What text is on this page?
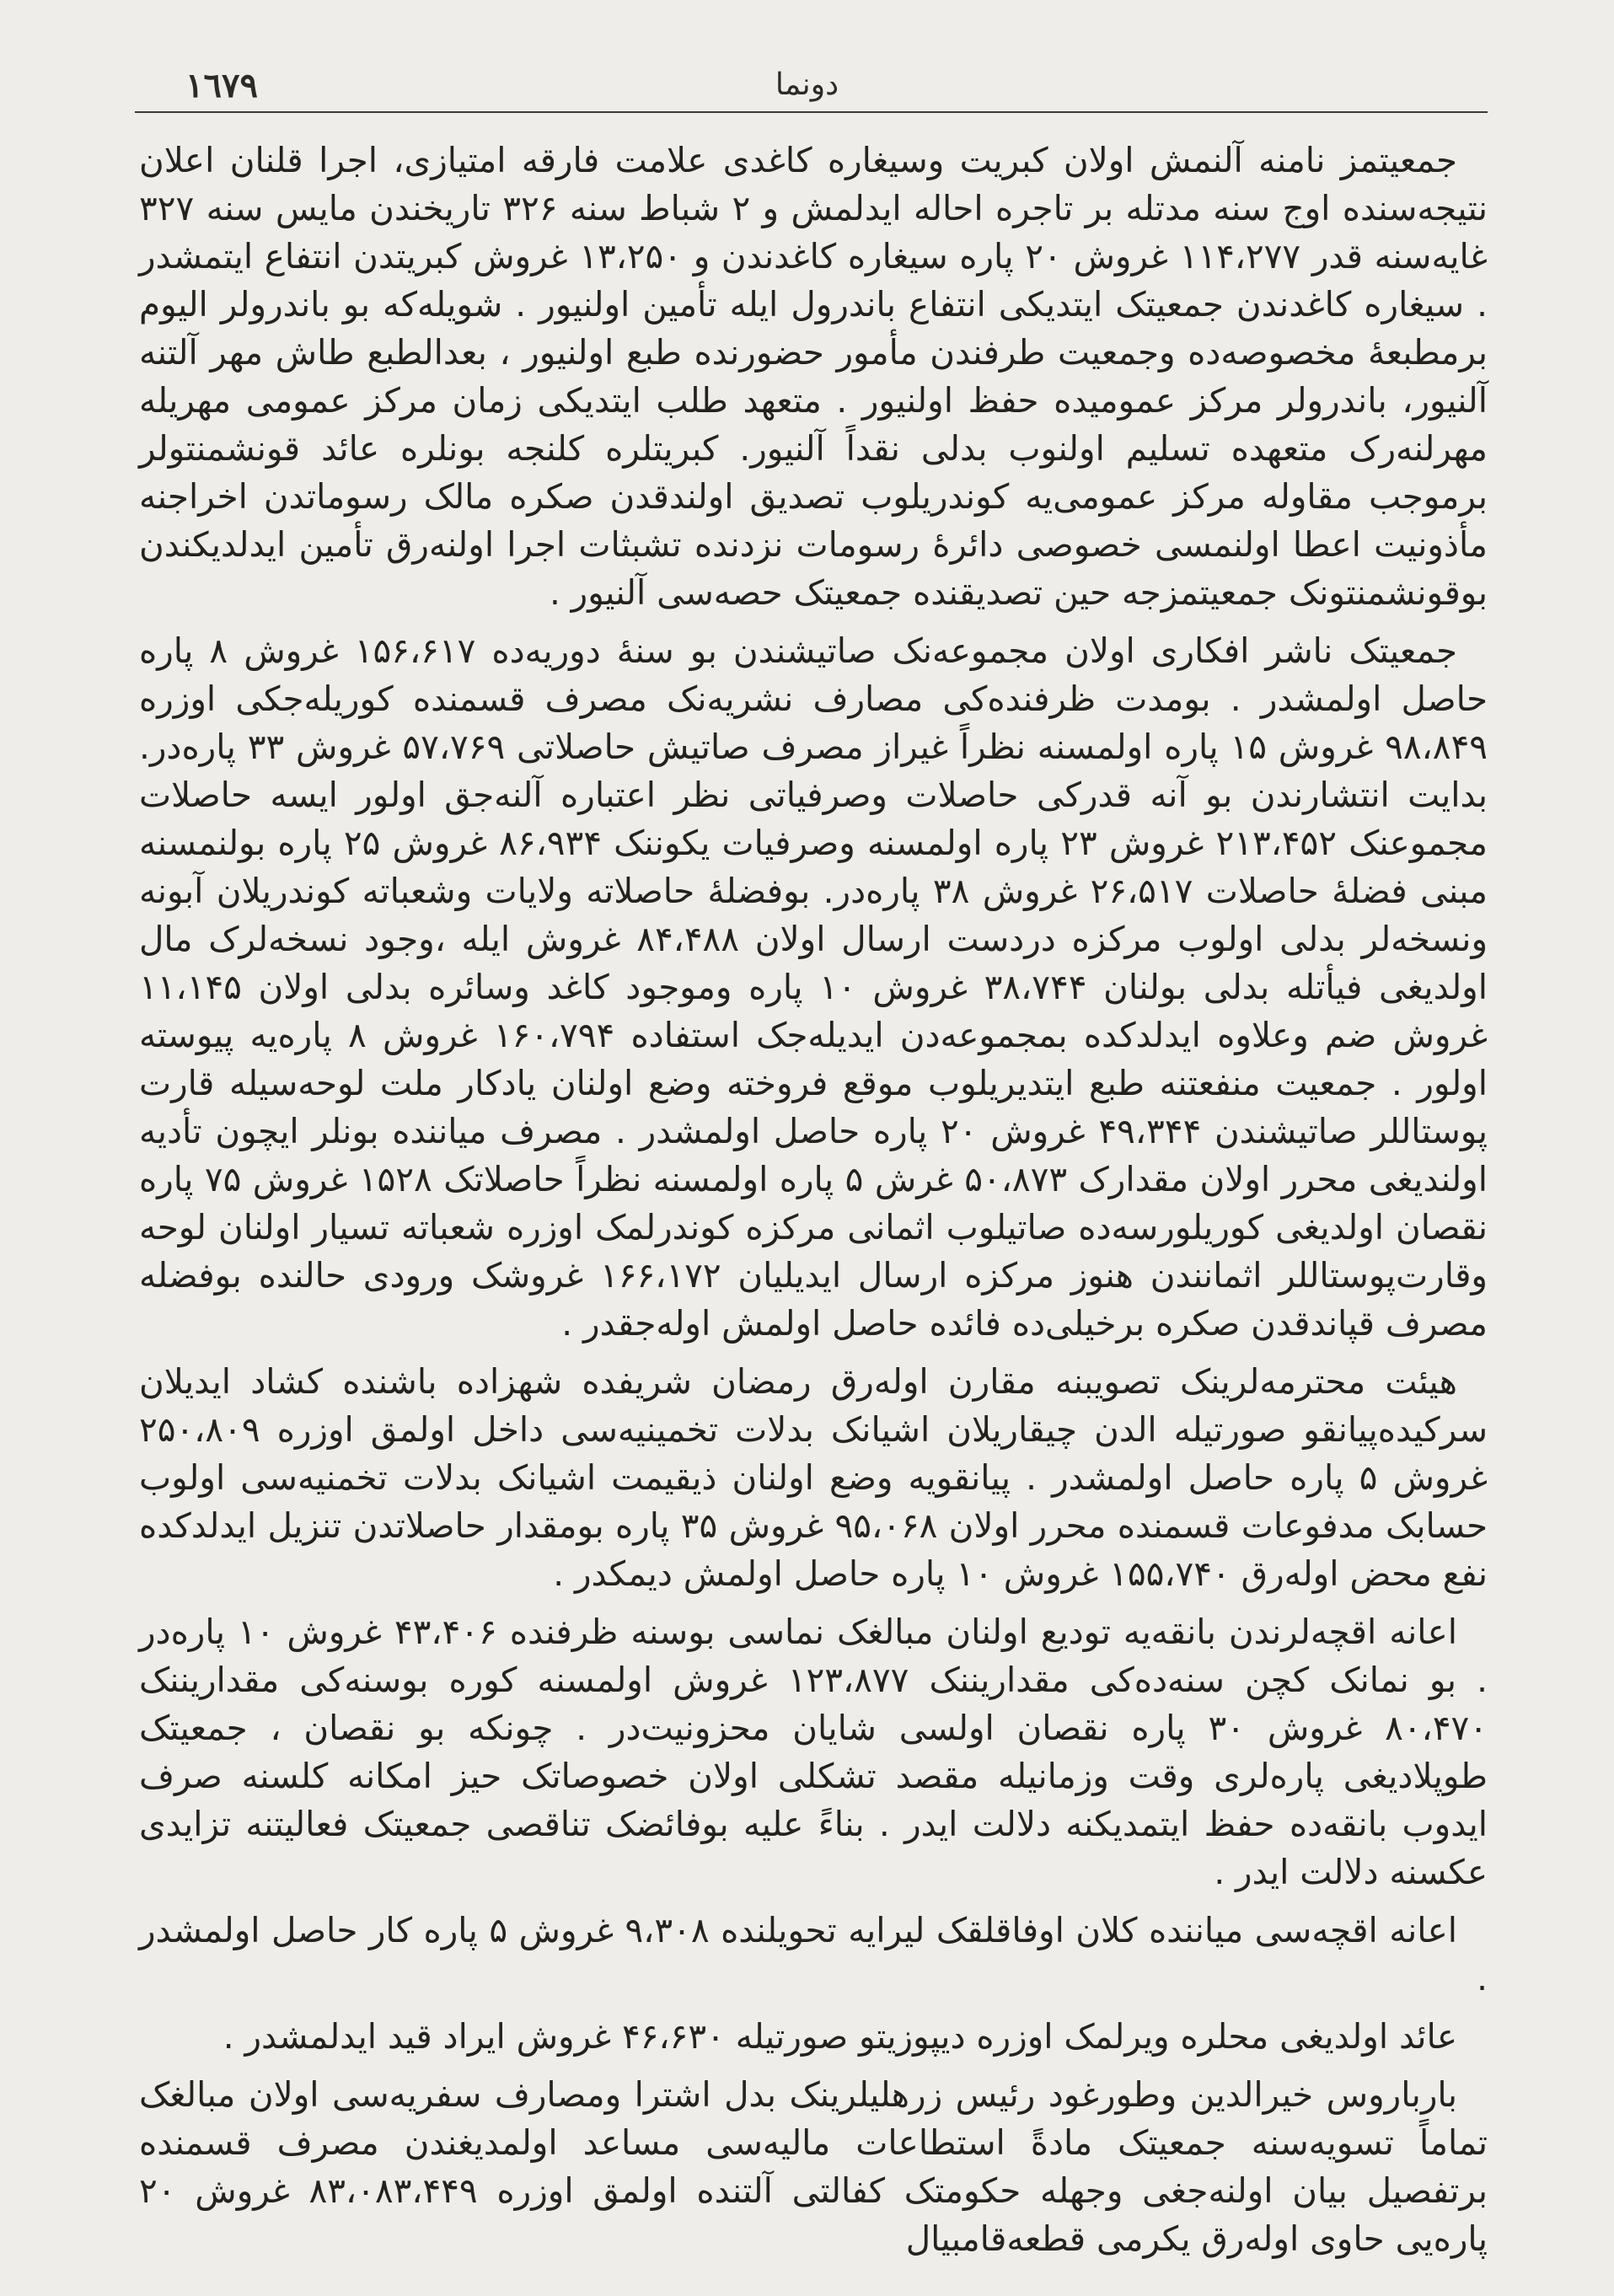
١٦٧٩	دونما

جمعیتمز نامنه آلنمش اولان کبریت وسیغاره کاغدی علامت فارقه امتیازی، اجرا قلنان اعلان نتیجه‌سنده اوج سنه مدتله بر تاجره احاله ایدلمش و ۲ شباط سنه ۳۲۶ تاریخندن مایس سنه ۳۲۷ غایه‌سنه قدر ۱۱۴،۲۷۷ غروش ۲۰ پاره سیغاره کاغدندن و ۱۳،۲۵۰ غروش کبریتدن انتفاع ایتمشدر . سیغاره کاغدندن جمعیتک ایتدیکی انتفاع باندرول ایله تأمین اولنیور . شویله‌که بو باندرولر الیوم برمطبعهٔ مخصوصه‌ده وجمعیت طرفندن مأمور حضورنده طبع اولنیور ، بعدالطبع طاش مهر آلتنه آلنیور، باندرولر مرکز عمومیده حفظ اولنیور . متعهد طلب ایتدیکی زمان مرکز عمومی مهریله مهرلنه‌رک متعهده تسلیم اولنوب بدلی نقداً آلنیور. کبریتلره کلنجه بونلره عائد قونشمنتولر برموجب مقاوله مرکز عمومی‌یه کوندریلوب تصدیق اولندقدن صکره مالک رسوماتدن اخراجنه مأذونیت اعطا اولنمسی خصوصی دائرهٔ رسومات نزدنده تشبثات اجرا اولنه‌رق تأمین ایدلدیکندن بوقونشمنتونک جمعیتمزجه حین تصدیقنده جمعیتک حصه‌سی آلنیور .

جمعیتک ناشر افکاری اولان مجموعه‌نک صاتیشندن بو سنهٔ دوریه‌ده ۱۵۶،۶۱۷ غروش ۸ پاره حاصل اولمشدر . بومدت ظرفنده‌کی مصارف نشریه‌نک مصرف قسمنده کوریله‌جکی اوزره ۹۸،۸۴۹ غروش ۱۵ پاره اولمسنه نظراً غیراز مصرف صاتیش حاصلاتی ۵۷،۷۶۹ غروش ۳۳ پاره‌در. بدایت انتشارندن بو آنه قدرکی حاصلات وصرفیاتی نظر اعتباره آلنه‌جق اولور ایسه حاصلات مجموعنک ۲۱۳،۴۵۲ غروش ۲۳ پاره اولمسنه وصرفیات یکوننک ۸۶،۹۳۴ غروش ۲۵ پاره بولنمسنه مبنی فضلهٔ حاصلات ۲۶،۵۱۷ غروش ۳۸ پاره‌در. بوفضلهٔ حاصلاته ولایات وشعباته کوندریلان آبونه ونسخه‌لر بدلی اولوب مرکزه دردست ارسال اولان ۸۴،۴۸۸ غروش ایله ،وجود نسخه‌لرک مال اولدیغی فیأتله بدلی بولنان ۳۸،۷۴۴ غروش ۱۰ پاره وموجود کاغد وسائره بدلی اولان ۱۱،۱۴۵ غروش ضم وعلاوه ایدلدکده بمجموعه‌دن ایدیله‌جک استفاده ۱۶۰،۷۹۴ غروش ۸ پاره‌یه پیوسته اولور . جمعیت منفعتنه طبع ایتدیریلوب موقع فروخته وضع اولنان یادکار ملت لوحه‌سیله قارت پوستاللر صاتیشندن ۴۹،۳۴۴ غروش ۲۰ پاره حاصل اولمشدر . مصرف میاننده بونلر ایچون تأدیه اولندیغی محرر اولان مقدارک ۵۰،۸۷۳ غرش ۵ پاره اولمسنه نظراً حاصلاتک ۱۵۲۸ غروش ۷۵ پاره نقصان اولدیغی کوریلورسه‌ده صاتیلوب اثمانی مرکزه کوندرلمک اوزره شعباته تسیار اولنان لوحه وقارت‌پوستاللر اثمانندن هنوز مرکزه ارسال ایدیلیان ۱۶۶،۱۷۲ غروشک ورودی حالنده بوفضله مصرف قپاندقدن صکره برخیلی‌ده فائده حاصل اولمش اوله‌جقدر .

هیئت محترمه‌لرینک تصویبنه مقارن اوله‌رق رمضان شریفده شهزاده باشنده کشاد ایدیلان سرکیده‌پیانقو صورتیله الدن چیقاریلان اشیانک بدلات تخمینیه‌سی داخل اولمق اوزره ۲۵۰،۸۰۹ غروش ۵ پاره حاصل اولمشدر . پیانقویه وضع اولنان ذیقیمت اشیانک بدلات تخمنیه‌سی اولوب حسابک مدفوعات قسمنده محرر اولان ۹۵،۰۶۸ غروش ۳۵ پاره بومقدار حاصلاتدن تنزیل ایدلدکده نفع محض اوله‌رق ۱۵۵،۷۴۰ غروش ۱۰ پاره حاصل اولمش دیمکدر .

اعانه اقچه‌لرندن بانقه‌یه تودیع اولنان مبالغک نماسی بوسنه ظرفنده ۴۳،۴۰۶ غروش ۱۰ پاره‌در . بو نمانک کچن سنه‌ده‌کی مقداریننک ۱۲۳،۸۷۷ غروش اولمسنه کوره بوسنه‌کی مقداریننک ۸۰،۴۷۰ غروش ۳۰ پاره نقصان اولسی شایان محزونیت‌در . چونکه بو نقصان ، جمعیتک طوپلادیغی پاره‌لری وقت وزمانیله مقصد تشکلی اولان خصوصاتک حیز امکانه کلسنه صرف ایدوب بانقه‌ده حفظ ایتمدیکنه دلالت ایدر . بناءً علیه بوفائضک تناقصی جمعیتک فعالیتنه تزایدی عکسنه دلالت ایدر .

اعانه اقچه‌سی میاننده کلان اوفاقلقک لیرایه تحویلنده ۹،۳۰۸ غروش ۵ پاره کار حاصل اولمشدر .

عائد اولدیغی محلره ویرلمک اوزره دیپوزیتو صورتیله ۴۶،۶۳۰ غروش ایراد قید ایدلمشدر .

بارباروس خیرالدین وطورغود رئیس زرهلیلرینک بدل اشترا ومصارف سفریه‌سی اولان مبالغک تماماً تسویه‌سنه جمعیتک مادةً استطاعات مالیه‌سی مساعد اولمدیغندن مصرف قسمنده برتفصیل بیان اولنه‌جغی وجهله حکومتک کفالتی آلتنده اولمق اوزره ۸۳،۰۸۳،۴۴۹ غروش ۲۰ پاره‌یی حاوی اوله‌رق یکرمی قطعه‌قامبیال
